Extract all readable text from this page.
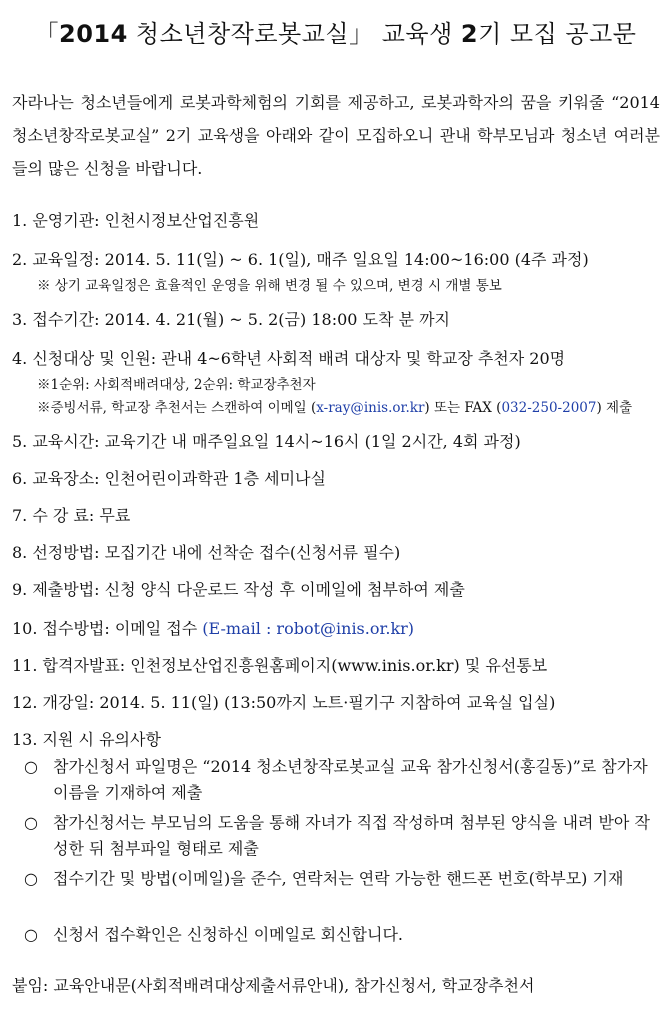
「2014 청소년창작로봇교실」 교육생 2기 모집 공고문
자라나는 청소년들에게 로봇과학체험의 기회를 제공하고, 로봇과학자의 꿈을 키워줄 “2014 청소년창작로봇교실” 2기 교육생을 아래와 같이 모집하오니 관내 학부모님과 청소년 여러분들의 많은 신청을 바랍니다.
1. 운영기관: 인천시정보산업진흥원
2. 교육일정: 2014. 5. 11(일) ~ 6. 1(일), 매주 일요일 14:00~16:00 (4주 과정)
※ 상기 교육일정은 효율적인 운영을 위해 변경 될 수 있으며, 변경 시 개별 통보
3. 접수기간: 2014. 4. 21(월) ~ 5. 2(금) 18:00 도착 분 까지
4. 신청대상 및 인원: 관내 4~6학년 사회적 배려 대상자 및 학교장 추천자 20명
※1순위: 사회적배려대상, 2순위: 학교장추천자
※증빙서류, 학교장 추천서는 스캔하여 이메일 (x-ray@inis.or.kr) 또는 FAX (032-250-2007) 제출
5. 교육시간: 교육기간 내 매주일요일 14시~16시 (1일 2시간, 4회 과정)
6. 교육장소: 인천어린이과학관 1층 세미나실
7. 수 강 료: 무료
8. 선정방법: 모집기간 내에 선착순 접수(신청서류 필수)
9. 제출방법: 신청 양식 다운로드 작성 후 이메일에 첨부하여 제출
10. 접수방법: 이메일 접수 (E-mail : robot@inis.or.kr)
11. 합격자발표: 인천정보산업진흥원홈페이지(www.inis.or.kr) 및 유선통보
12. 개강일: 2014. 5. 11(일) (13:50까지 노트·필기구 지참하여 교육실 입실)
13. 지원 시 유의사항
○ 참가신청서 파일명은 “2014 청소년창작로봇교실 교육 참가신청서(홍길동)”로 참가자 이름을 기재하여 제출
○ 참가신청서는 부모님의 도움을 통해 자녀가 직접 작성하며 첨부된 양식을 내려 받아 작성한 뒤 첨부파일 형태로 제출
○ 접수기간 및 방법(이메일)을 준수, 연락처는 연락 가능한 핸드폰 번호(학부모) 기재
○ 신청서 접수확인은 신청하신 이메일로 회신합니다.
붙임: 교육안내문(사회적배려대상제출서류안내), 참가신청서, 학교장추천서
